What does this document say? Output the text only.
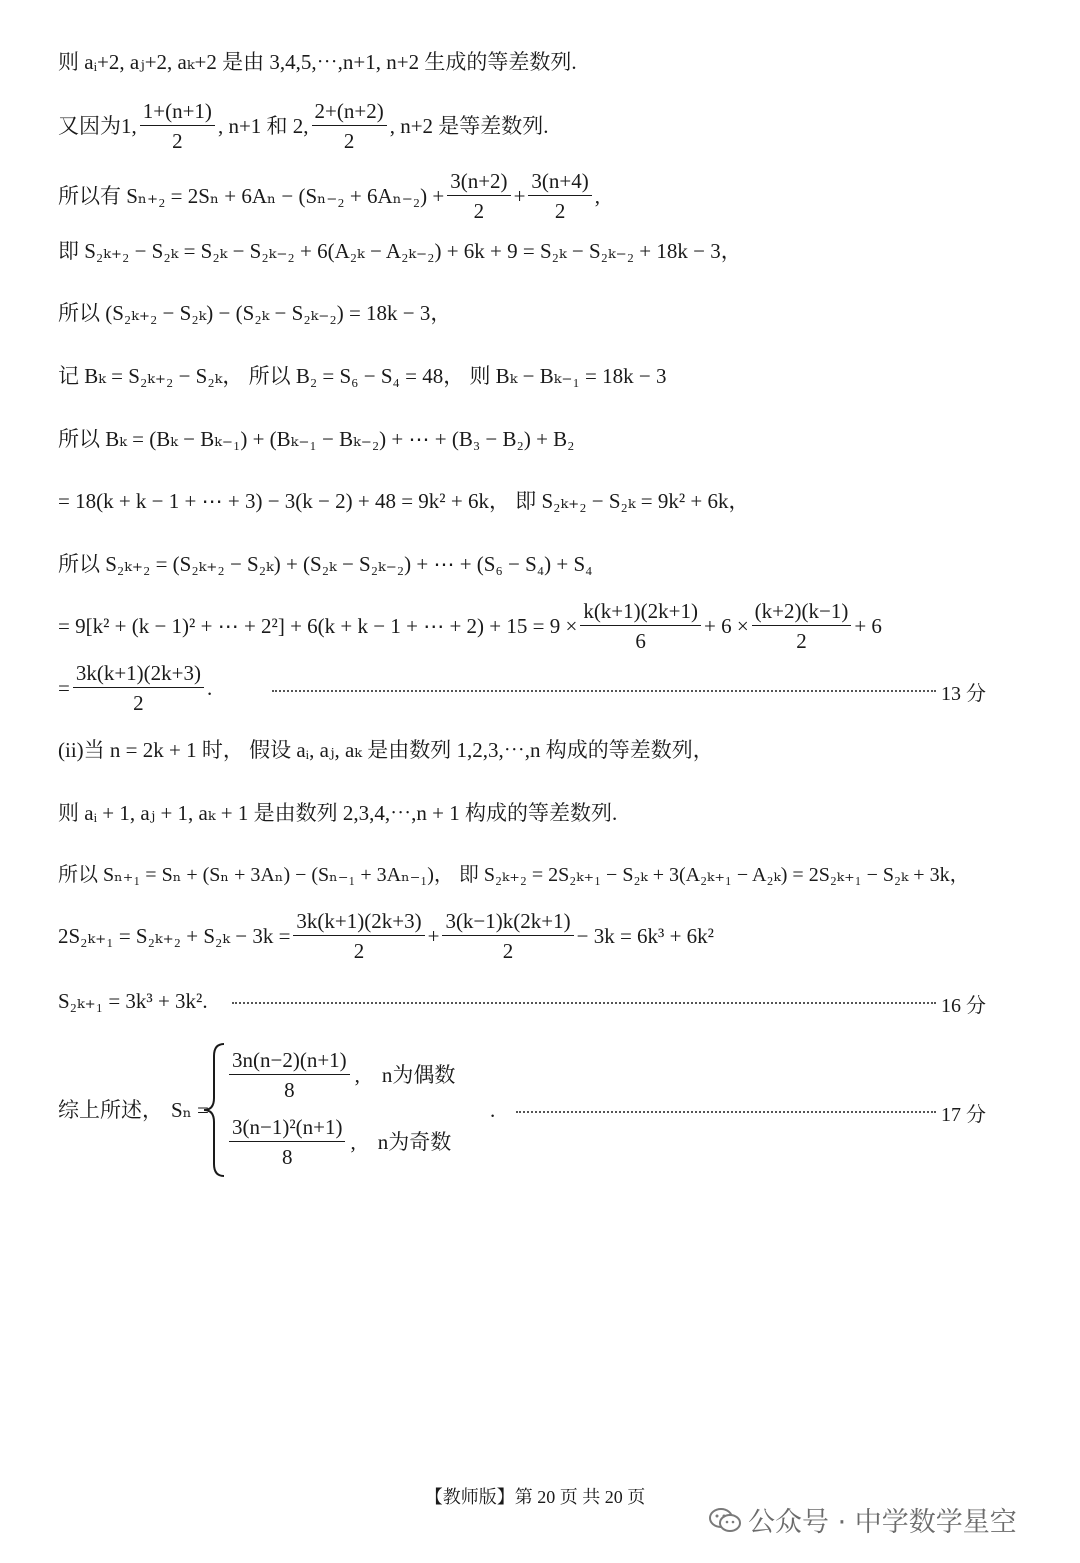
则 aᵢ+2, aⱼ+2, aₖ+2 是由 3,4,5,⋯,n+1, n+2 生成的等差数列.
又因为1, $\frac{1+(n+1)}{2}$ , n+1 和 2, $\frac{2+(n+2)}{2}$ , n+2 是等差数列.
所以有 $S_{n+2} = 2S_n + 6A_n - (S_{n-2} + 6A_{n-2}) + \frac{3(n+2)}{2} + \frac{3(n+4)}{2}$ ,
即 S₂ₖ₊₂ − S₂ₖ = S₂ₖ − S₂ₖ₋₂ + 6(A₂ₖ − A₂ₖ₋₂) + 6k + 9 = S₂ₖ − S₂ₖ₋₂ + 18k − 3，
所以 (S₂ₖ₊₂ − S₂ₖ) − (S₂ₖ − S₂ₖ₋₂) = 18k − 3，
记 Bₖ = S₂ₖ₊₂ − S₂ₖ， 所以 B₂ = S₆ − S₄ = 48， 则 Bₖ − Bₖ₋₁ = 18k − 3
所以 Bₖ = (Bₖ − Bₖ₋₁) + (Bₖ₋₁ − Bₖ₋₂) + ⋯ + (B₃ − B₂) + B₂
= 18(k + k − 1 + ⋯ + 3) − 3(k − 2) + 48 = 9k² + 6k， 即 S₂ₖ₊₂ − S₂ₖ = 9k² + 6k，
所以 S₂ₖ₊₂ = (S₂ₖ₊₂ − S₂ₖ) + (S₂ₖ − S₂ₖ₋₂) + ⋯ + (S₆ − S₄) + S₄
= 9[k² + (k − 1)² + ⋯ + 2²] + 6(k + k − 1 + ⋯ + $2) + 15 = 9 \times \frac{k(k+1)(2k+1)}{6} + 6 \times \frac{(k+2)(k-1)}{2} + 6$
= $\frac{3k(k+1)(2k+3)}{2}$ .	13 分
(ii)当 n = 2k + 1 时， 假设 aᵢ, aⱼ, aₖ 是由数列 1,2,3,⋯,n 构成的等差数列，
则 aᵢ + 1, aⱼ + 1, aₖ + 1 是由数列 2,3,4,⋯,n + 1 构成的等差数列.
所以 Sₙ₊₁ = Sₙ + (Sₙ + 3Aₙ) − (Sₙ₋₁ + 3Aₙ₋₁)， 即 S₂ₖ₊₂ = 2S₂ₖ₊₁ − S₂ₖ + 3(A₂ₖ₊₁ − A₂ₖ) = 2S₂ₖ₊₁ − S₂ₖ + 3k，
$2S_{2k+1} = S_{2k+2} + S_{2k} - 3k = \frac{3k(k+1)(2k+3)}{2} + \frac{3(k-1)k(2k+1)}{2} - 3k = 6k^3 + 6k^2$
S₂ₖ₊₁ = 3k³ + 3k².	16 分
综上所述， Sₙ =
$\frac{3n(n-2)(n+1)}{8}$ , n为偶数
$\frac{\text{3(n−1)²(n+1)}}{8}$ , n为奇数
.	17 分
【教师版】第 20 页 共 20 页
公众号 · 中学数学星空
